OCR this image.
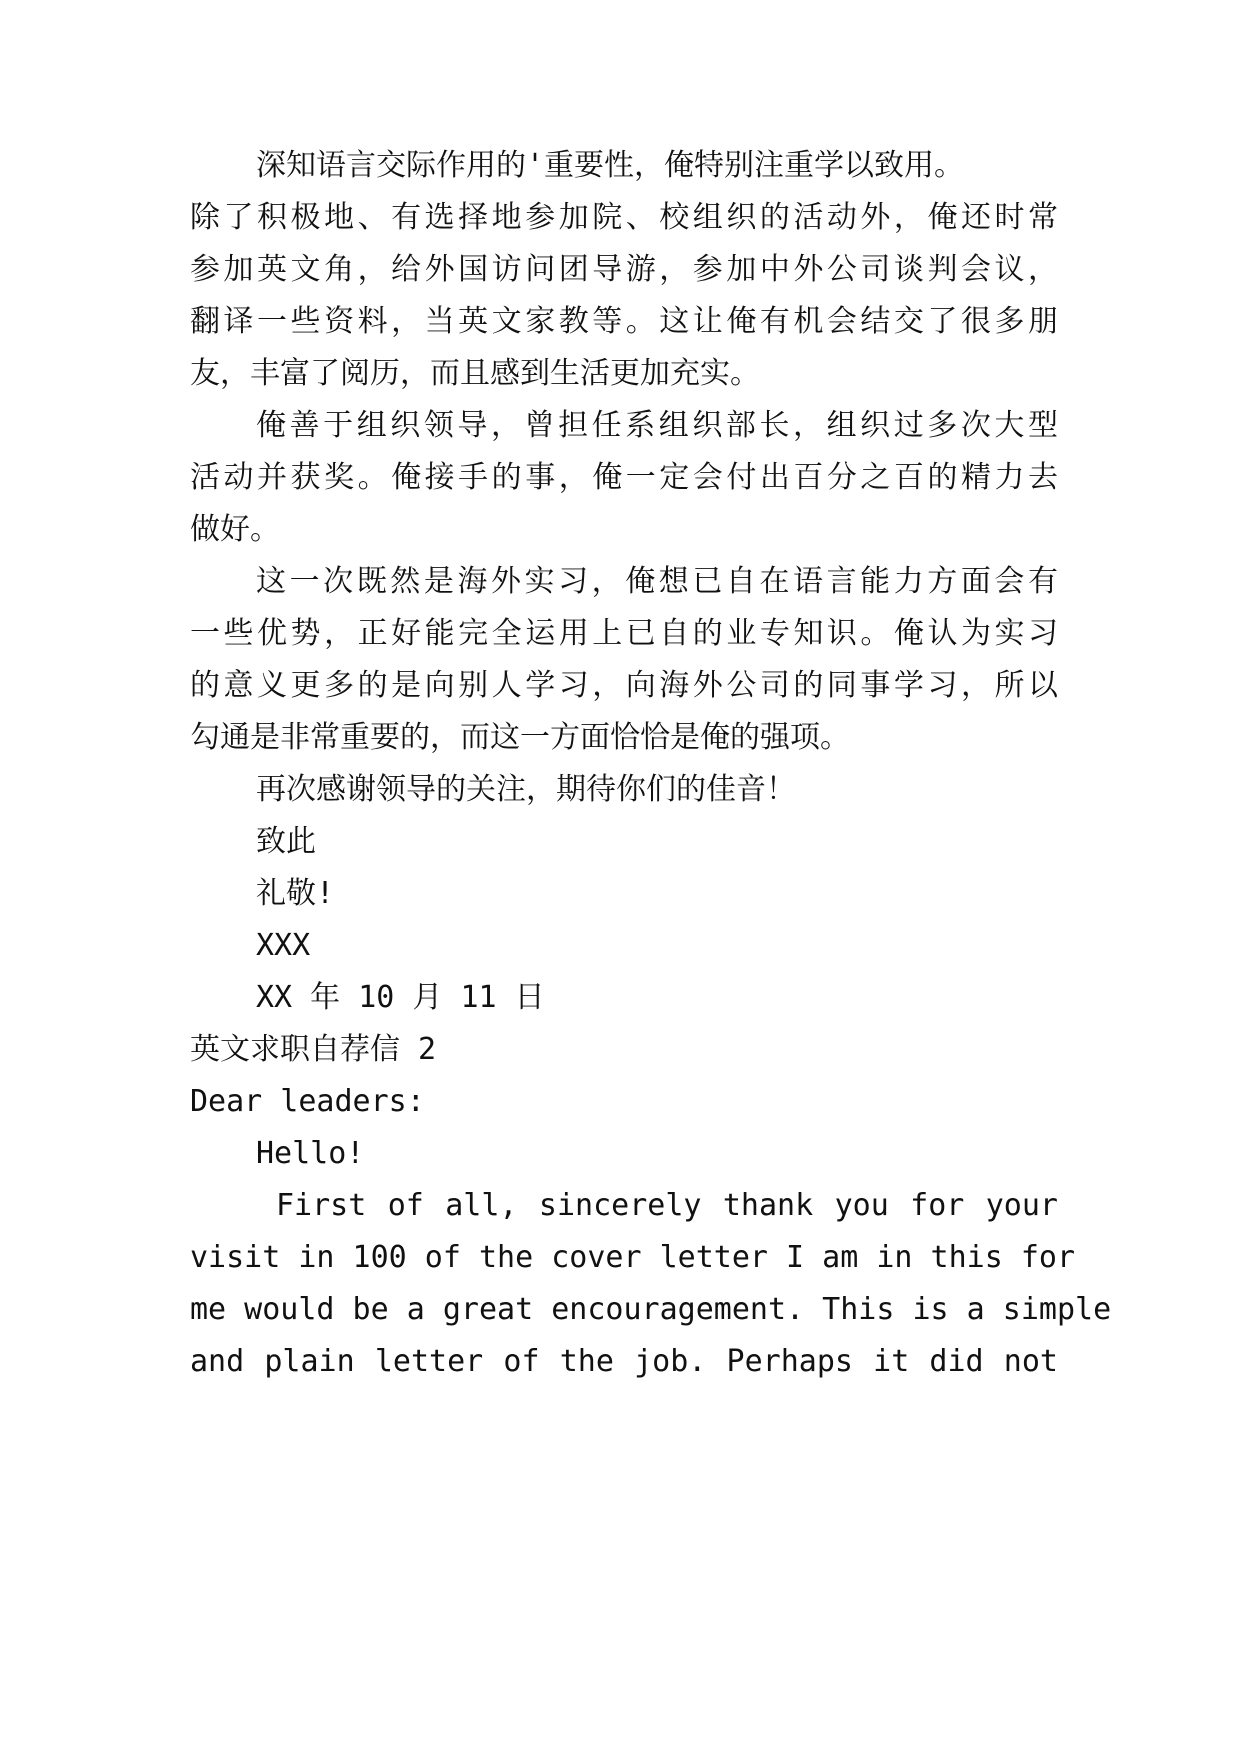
深知语言交际作用的'重要性，俺特别注重学以致用。
除了积极地、有选择地参加院、校组织的活动外，俺还时常
参加英文角，给外国访问团导游，参加中外公司谈判会议，
翻译一些资料，当英文家教等。这让俺有机会结交了很多朋
友，丰富了阅历，而且感到生活更加充实。
俺善于组织领导，曾担任系组织部长，组织过多次大型
活动并获奖。俺接手的事，俺一定会付出百分之百的精力去
做好。
这一次既然是海外实习，俺想已自在语言能力方面会有
一些优势，正好能完全运用上已自的业专知识。俺认为实习
的意义更多的是向别人学习，向海外公司的同事学习，所以
勾通是非常重要的，而这一方面恰恰是俺的强项。
再次感谢领导的关注，期待你们的佳音！
致此
礼敬!
XXX
XX 年 10 月 11 日
英文求职自荐信 2
Dear leaders:
Hello!
First of all, sincerely thank you for your
visit in 100 of the cover letter I am in this for
me would be a great encouragement. This is a simple
and plain letter of the job. Perhaps it did not
